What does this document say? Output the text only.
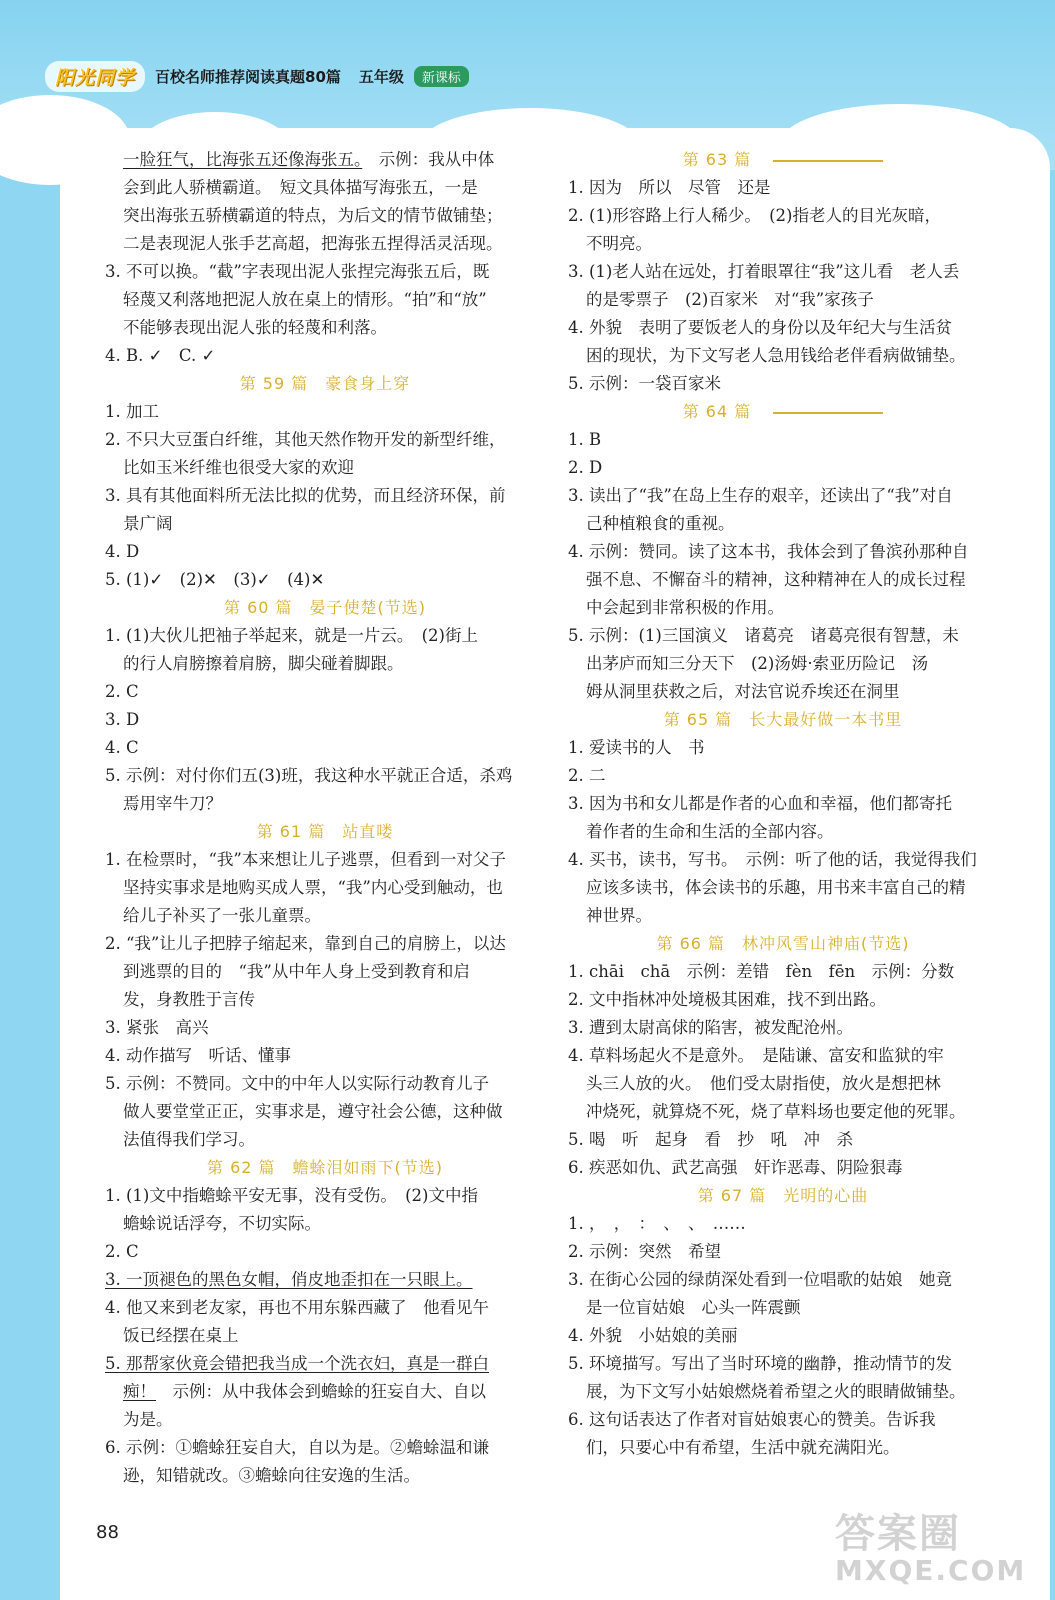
阳光同学	百校名师推荐阅读真题80篇 五年级	新课标
一脸狂气，比海张五还像海张五。　示例：我从中体
会到此人骄横霸道。　短文具体描写海张五，一是
突出海张五骄横霸道的特点，为后文的情节做铺垫；
二是表现泥人张手艺高超，把海张五捏得活灵活现。
3. 不可以换。“截”字表现出泥人张捏完海张五后，既
轻蔑又利落地把泥人放在桌上的情形。“拍”和“放”
不能够表现出泥人张的轻蔑和利落。
4. B. ✓　C. ✓
第 59 篇　豪食身上穿
1. 加工
2. 不只大豆蛋白纤维，其他天然作物开发的新型纤维，
比如玉米纤维也很受大家的欢迎
3. 具有其他面料所无法比拟的优势，而且经济环保，前
景广阔
4. D
5. (1)✓　(2)✕　(3)✓　(4)✕
第 60 篇　晏子使楚(节选)
1. (1)大伙儿把袖子举起来，就是一片云。　(2)街上
的行人肩膀擦着肩膀，脚尖碰着脚跟。
2. C
3. D
4. C
5. 示例：对付你们五(3)班，我这种水平就正合适，杀鸡
焉用宰牛刀？
第 61 篇　站直喽
1. 在检票时，“我”本来想让儿子逃票，但看到一对父子
坚持实事求是地购买成人票，“我”内心受到触动，也
给儿子补买了一张儿童票。
2. “我”让儿子把脖子缩起来，靠到自己的肩膀上，以达
到逃票的目的　“我”从中年人身上受到教育和启
发，身教胜于言传
3. 紧张　高兴
4. 动作描写　听话、懂事
5. 示例：不赞同。文中的中年人以实际行动教育儿子
做人要堂堂正正，实事求是，遵守社会公德，这种做
法值得我们学习。
第 62 篇　蟾蜍泪如雨下(节选)
1. (1)文中指蟾蜍平安无事，没有受伤。　(2)文中指
蟾蜍说话浮夸，不切实际。
2. C
3. 一顶褪色的黑色女帽，俏皮地歪扣在一只眼上。
4. 他又来到老友家，再也不用东躲西藏了　他看见午
饭已经摆在桌上
5. 那帮家伙竟会错把我当成一个洗衣妇，真是一群白
痴！　示例：从中我体会到蟾蜍的狂妄自大、自以
为是。
6. 示例：①蟾蜍狂妄自大，自以为是。②蟾蜍温和谦
逊，知错就改。③蟾蜍向往安逸的生活。
第 63 篇
1. 因为　所以　尽管　还是
2. (1)形容路上行人稀少。　(2)指老人的目光灰暗，
不明亮。
3. (1)老人站在远处，打着眼罩往“我”这儿看　老人丢
的是零票子　(2)百家米　对“我”家孩子
4. 外貌　表明了要饭老人的身份以及年纪大与生活贫
困的现状，为下文写老人急用钱给老伴看病做铺垫。
5. 示例：一袋百家米
第 64 篇
1. B
2. D
3. 读出了“我”在岛上生存的艰辛，还读出了“我”对自
己种植粮食的重视。
4. 示例：赞同。读了这本书，我体会到了鲁滨孙那种自
强不息、不懈奋斗的精神，这种精神在人的成长过程
中会起到非常积极的作用。
5. 示例：(1)三国演义　诸葛亮　诸葛亮很有智慧，未
出茅庐而知三分天下　(2)汤姆·索亚历险记　汤
姆从洞里获救之后，对法官说乔埃还在洞里
第 65 篇　长大最好做一本书里
1. 爱读书的人　书
2. 二
3. 因为书和女儿都是作者的心血和幸福，他们都寄托
着作者的生命和生活的全部内容。
4. 买书，读书，写书。　示例：听了他的话，我觉得我们
应该多读书，体会读书的乐趣，用书来丰富自己的精
神世界。
第 66 篇　林冲风雪山神庙(节选)
1. chāi　chā　示例：差错　fèn　fēn　示例：分数
2. 文中指林冲处境极其困难，找不到出路。
3. 遭到太尉高俅的陷害，被发配沧州。
4. 草料场起火不是意外。　是陆谦、富安和监狱的牢
头三人放的火。　他们受太尉指使，放火是想把林
冲烧死，就算烧不死，烧了草料场也要定他的死罪。
5. 喝　听　起身　看　抄　吼　冲　杀
6. 疾恶如仇、武艺高强　奸诈恶毒、阴险狠毒
第 67 篇　光明的心曲
1. ，　，　：　、　、　……
2. 示例：突然　希望
3. 在街心公园的绿荫深处看到一位唱歌的姑娘　她竟
是一位盲姑娘　心头一阵震颤
4. 外貌　小姑娘的美丽
5. 环境描写。写出了当时环境的幽静，推动情节的发
展，为下文写小姑娘燃烧着希望之火的眼睛做铺垫。
6. 这句话表达了作者对盲姑娘衷心的赞美。告诉我
们，只要心中有希望，生活中就充满阳光。
88	答案圈
MXQE.COM
